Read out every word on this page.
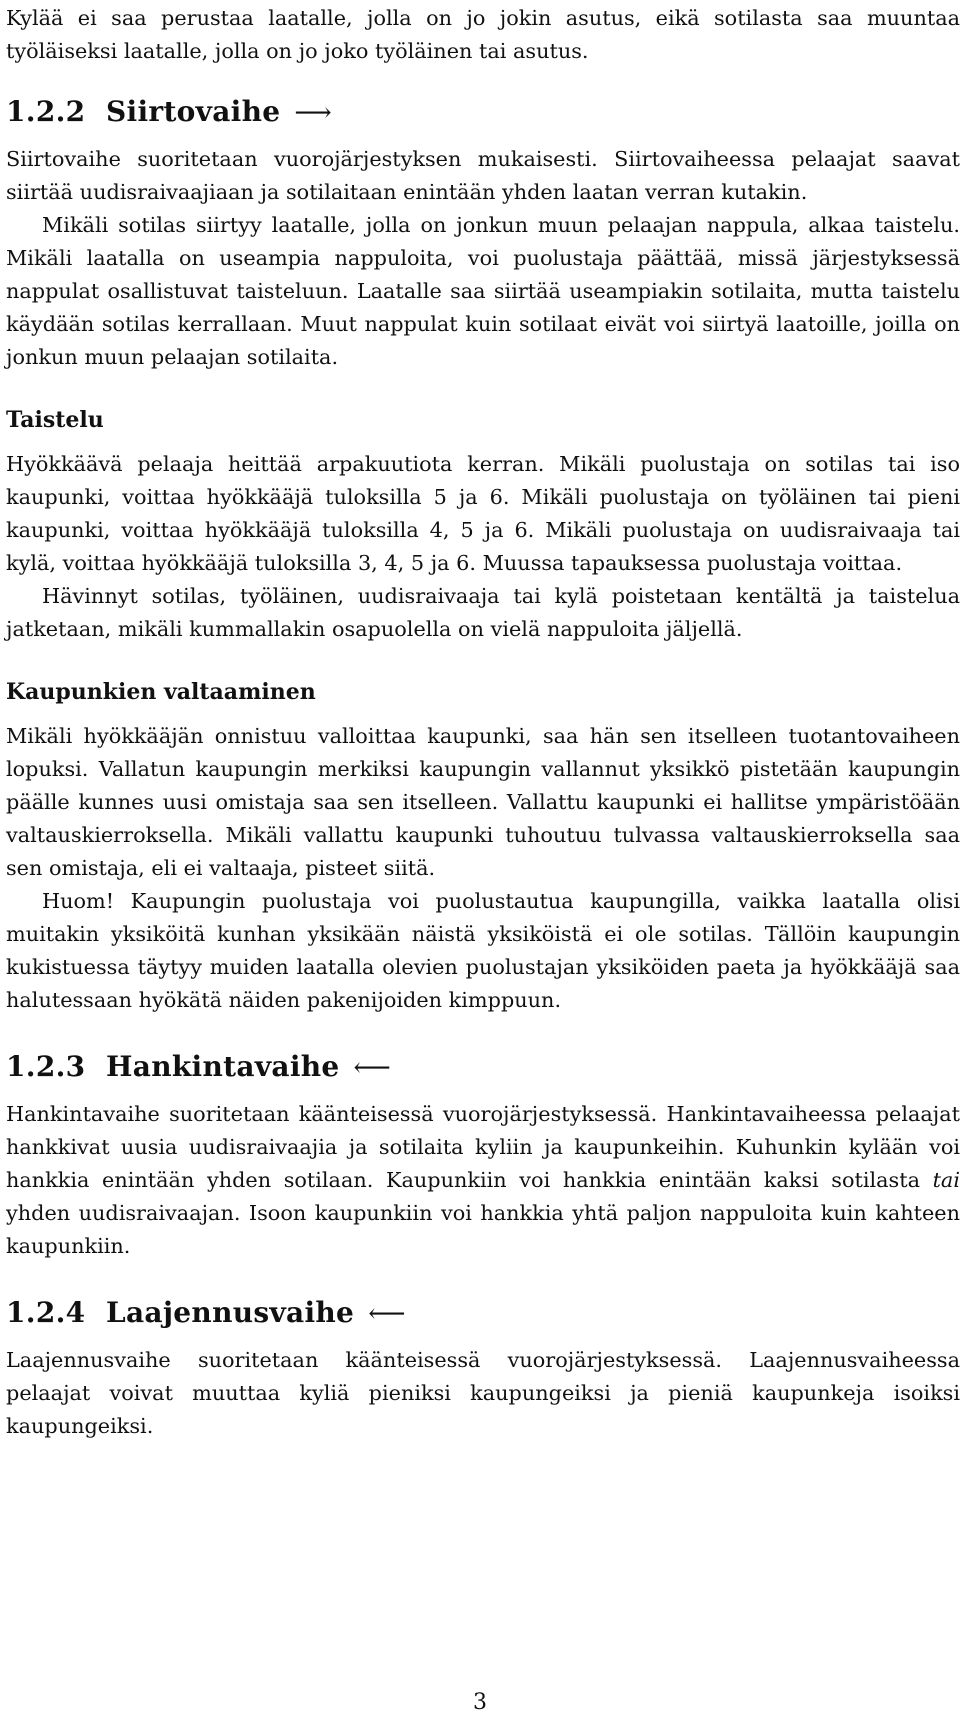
Kylää ei saa perustaa laatalle, jolla on jo jokin asutus, eikä sotilasta saa muuntaa työläiseksi laatalle, jolla on jo joko työläinen tai asutus.

1.2.2 Siirtovaihe ⟶

Siirtovaihe suoritetaan vuorojärjestyksen mukaisesti. Siirtovaiheessa pelaajat saavat siirtää uudisraivaajiaan ja sotilaitaan enintään yhden laatan verran kutakin.

Mikäli sotilas siirtyy laatalle, jolla on jonkun muun pelaajan nappula, alkaa taistelu. Mikäli laatalla on useampia nappuloita, voi puolustaja päättää, missä järjestyksessä nappulat osallistuvat taisteluun. Laatalle saa siirtää useampiakin sotilaita, mutta taistelu käydään sotilas kerrallaan. Muut nappulat kuin sotilaat eivät voi siirtyä laatoille, joilla on jonkun muun pelaajan sotilaita.

Taistelu

Hyökkäävä pelaaja heittää arpakuutiota kerran. Mikäli puolustaja on sotilas tai iso kaupunki, voittaa hyökkääjä tuloksilla 5 ja 6. Mikäli puolustaja on työläinen tai pieni kaupunki, voittaa hyökkääjä tuloksilla 4, 5 ja 6. Mikäli puolustaja on uudisraivaaja tai kylä, voittaa hyökkääjä tuloksilla 3, 4, 5 ja 6. Muussa tapauksessa puolustaja voittaa.

Hävinnyt sotilas, työläinen, uudisraivaaja tai kylä poistetaan kentältä ja taistelua jatketaan, mikäli kummallakin osapuolella on vielä nappuloita jäljellä.

Kaupunkien valtaaminen

Mikäli hyökkääjän onnistuu valloittaa kaupunki, saa hän sen itselleen tuotantovaiheen lopuksi. Vallatun kaupungin merkiksi kaupungin vallannut yksikkö pistetään kaupungin päälle kunnes uusi omistaja saa sen itselleen. Vallattu kaupunki ei hallitse ympäristöään valtauskierroksella. Mikäli vallattu kaupunki tuhoutuu tulvassa valtauskierroksella saa sen omistaja, eli ei valtaaja, pisteet siitä.

Huom! Kaupungin puolustaja voi puolustautua kaupungilla, vaikka laatalla olisi muitakin yksiköitä kunhan yksikään näistä yksiköistä ei ole sotilas. Tällöin kaupungin kukistuessa täytyy muiden laatalla olevien puolustajan yksiköiden paeta ja hyökkääjä saa halutessaan hyökätä näiden pakenijoiden kimppuun.

1.2.3 Hankintavaihe ⟵

Hankintavaihe suoritetaan käänteisessä vuorojärjestyksessä. Hankintavaiheessa pelaajat hankkivat uusia uudisraivaajia ja sotilaita kyliin ja kaupunkeihin. Kuhunkin kylään voi hankkia enintään yhden sotilaan. Kaupunkiin voi hankkia enintään kaksi sotilasta tai yhden uudisraivaajan. Isoon kaupunkiin voi hankkia yhtä paljon nappuloita kuin kahteen kaupunkiin.

1.2.4 Laajennusvaihe ⟵

Laajennusvaihe suoritetaan käänteisessä vuorojärjestyksessä. Laajennusvaiheessa pelaajat voivat muuttaa kyliä pieniksi kaupungeiksi ja pieniä kaupunkeja isoiksi kaupungeiksi.

3
